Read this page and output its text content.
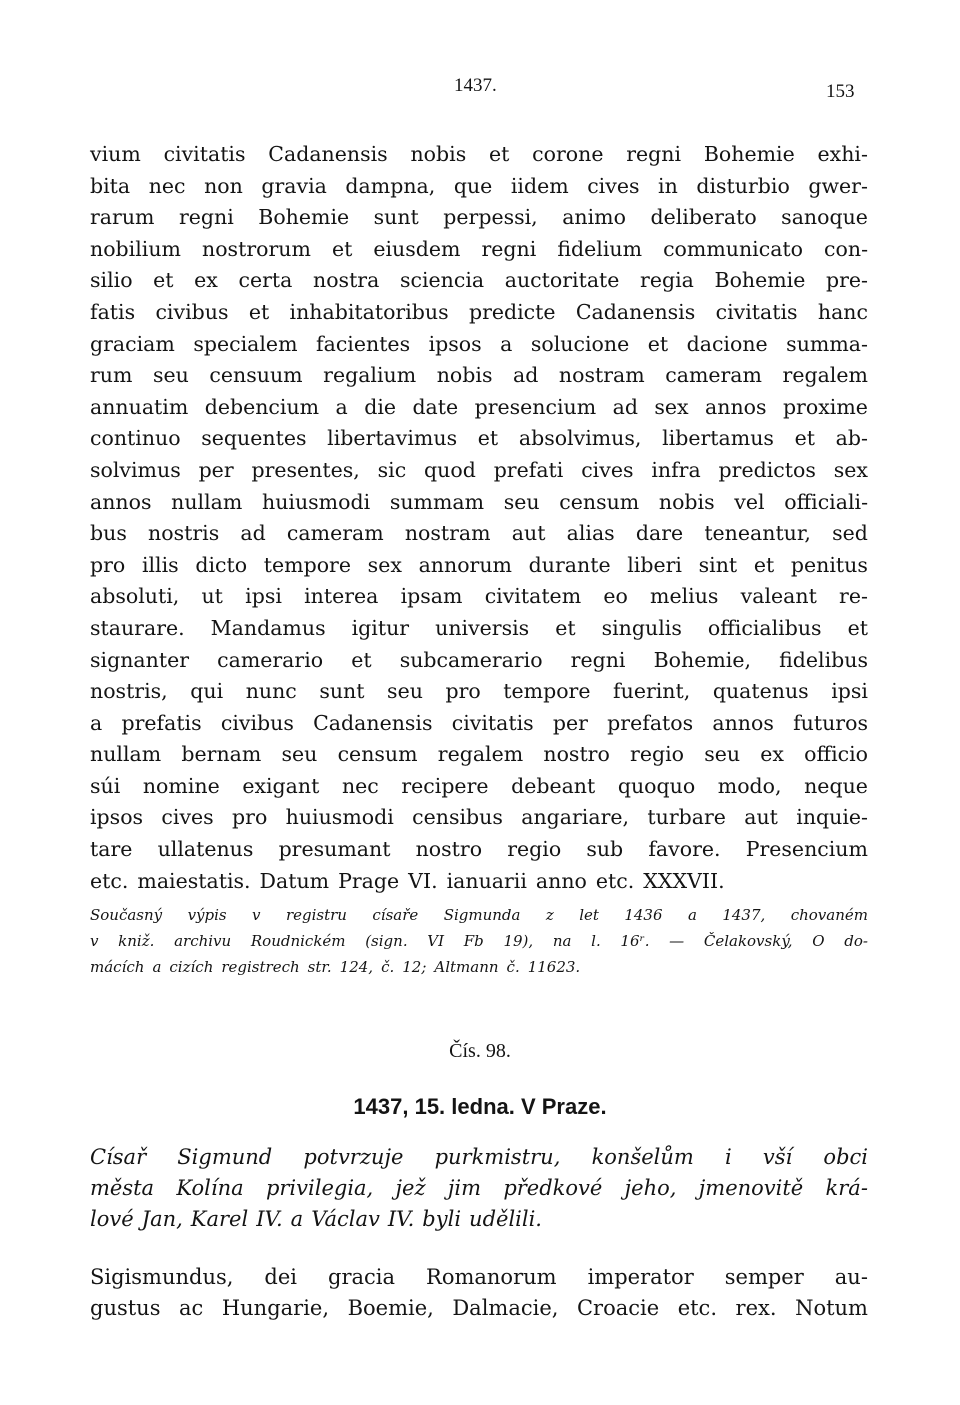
1437.	153
vium civitatis Cadanensis nobis et corone regni Bohemie exhi-
bita nec non gravia dampna, que iidem cives in disturbio gwer-
rarum regni Bohemie sunt perpessi, animo deliberato sanoque
nobilium nostrorum et eiusdem regni fidelium communicato con-
silio et ex certa nostra sciencia auctoritate regia Bohemie pre-
fatis civibus et inhabitatoribus predicte Cadanensis civitatis hanc
graciam specialem facientes ipsos a solucione et dacione summa-
rum seu censuum regalium nobis ad nostram cameram regalem
annuatim debencium a die date presencium ad sex annos proxime
continuo sequentes libertavimus et absolvimus, libertamus et ab-
solvimus per presentes, sic quod prefati cives infra predictos sex
annos nullam huiusmodi summam seu censum nobis vel officiali-
bus nostris ad cameram nostram aut alias dare teneantur, sed
pro illis dicto tempore sex annorum durante liberi sint et penitus
absoluti, ut ipsi interea ipsam civitatem eo melius valeant re-
staurare. Mandamus igitur universis et singulis officialibus et
signanter camerario et subcamerario regni Bohemie, fidelibus
nostris, qui nunc sunt seu pro tempore fuerint, quatenus ipsi
a prefatis civibus Cadanensis civitatis per prefatos annos futuros
nullam bernam seu censum regalem nostro regio seu ex officio
súi nomine exigant nec recipere debeant quoquo modo, neque
ipsos cives pro huiusmodi censibus angariare, turbare aut inquie-
tare ullatenus presumant nostro regio sub favore. Presencium
etc. maiestatis. Datum Prage VI. ianuarii anno etc. XXXVII.
Současný výpis v registru císaře Sigmunda z let 1436 a 1437, chovaném
v kniž. archivu Roudnickém (sign. VI Fb 19), na l. 16ʳ. — Čelakovský, O do-
mácích a cizích registrech str. 124, č. 12; Altmann č. 11623.
Čís. 98.
1437, 15. ledna. V Praze.
Císař Sigmund potvrzuje purkmistru, konšelům i vší obci
města Kolína privilegia, jež jim předkové jeho, jmenovitě krá-
lové Jan, Karel IV. a Václav IV. byli udělili.
Sigismundus, dei gracia Romanorum imperator semper au-
gustus ac Hungarie, Boemie, Dalmacie, Croacie etc. rex. Notum
